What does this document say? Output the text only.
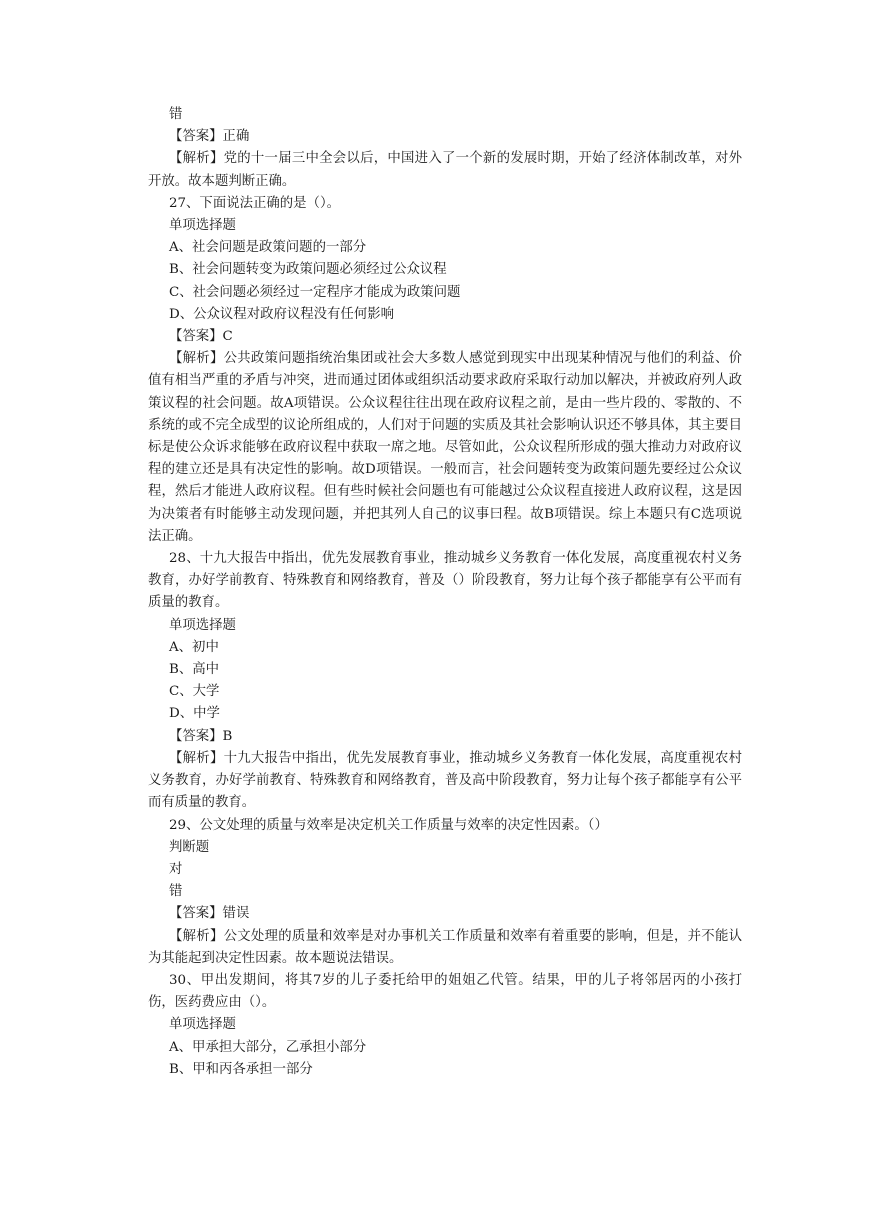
错
【答案】正确
【解析】党的十一届三中全会以后，中国进入了一个新的发展时期，开始了经济体制改革，对外开放。故本题判断正确。
27、下面说法正确的是（）。
单项选择题
A、社会问题是政策问题的一部分
B、社会问题转变为政策问题必须经过公众议程
C、社会问题必须经过一定程序才能成为政策问题
D、公众议程对政府议程没有任何影响
【答案】C
【解析】公共政策问题指统治集团或社会大多数人感觉到现实中出现某种情况与他们的利益、价值有相当严重的矛盾与冲突，进而通过团体或组织活动要求政府采取行动加以解决，并被政府列人政策议程的社会问题。故A项错误。公众议程往往出现在政府议程之前，是由一些片段的、零散的、不系统的或不完全成型的议论所组成的，人们对于问题的实质及其社会影响认识还不够具体，其主要目标是使公众诉求能够在政府议程中获取一席之地。尽管如此，公众议程所形成的强大推动力对政府议程的建立还是具有决定性的影响。故D项错误。一般而言，社会问题转变为政策问题先要经过公众议程，然后才能进人政府议程。但有些时候社会问题也有可能越过公众议程直接进人政府议程，这是因为决策者有时能够主动发现问题，并把其列人自己的议事曰程。故B项错误。综上本题只有C选项说法正确。
28、十九大报告中指出，优先发展教育事业，推动城乡义务教育一体化发展，高度重视农村义务教育，办好学前教育、特殊教育和网络教育，普及（）阶段教育，努力让每个孩子都能享有公平而有质量的教育。
单项选择题
A、初中
B、高中
C、大学
D、中学
【答案】B
【解析】十九大报告中指出，优先发展教育事业，推动城乡义务教育一体化发展，高度重视农村义务教育，办好学前教育、特殊教育和网络教育，普及高中阶段教育，努力让每个孩子都能享有公平而有质量的教育。
29、公文处理的质量与效率是决定机关工作质量与效率的决定性因素。（）
判断题
对
错
【答案】错误
【解析】公文处理的质量和效率是对办事机关工作质量和效率有着重要的影响，但是，并不能认为其能起到决定性因素。故本题说法错误。
30、甲出发期间，将其7岁的儿子委托给甲的姐姐乙代管。结果，甲的儿子将邻居丙的小孩打伤，医药费应由（）。
单项选择题
A、甲承担大部分，乙承担小部分
B、甲和丙各承担一部分
